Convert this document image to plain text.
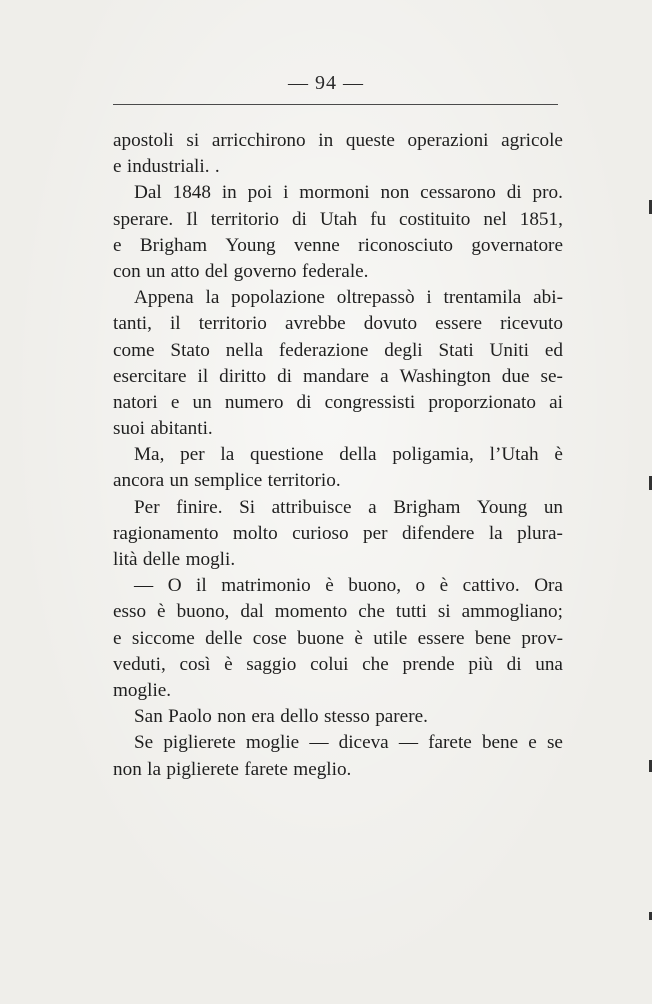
— 94 —
apostoli si arricchirono in queste operazioni agricole
e industriali. .
Dal 1848 in poi i mormoni non cessarono di pro.
sperare. Il territorio di Utah fu costituito nel 1851,
e Brigham Young venne riconosciuto governatore
con un atto del governo federale.
Appena la popolazione oltrepassò i trentamila abi-
tanti, il territorio avrebbe dovuto essere ricevuto
come Stato nella federazione degli Stati Uniti ed
esercitare il diritto di mandare a Washington due se-
natori e un numero di congressisti proporzionato ai
suoi abitanti.
Ma, per la questione della poligamia, l’Utah è
ancora un semplice territorio.
Per finire. Si attribuisce a Brigham Young un
ragionamento molto curioso per difendere la plura-
lità delle mogli.
— O il matrimonio è buono, o è cattivo. Ora
esso è buono, dal momento che tutti si ammogliano;
e siccome delle cose buone è utile essere bene prov-
veduti, così è saggio colui che prende più di una
moglie.
San Paolo non era dello stesso parere.
Se piglierete moglie — diceva — farete bene e se
non la piglierete farete meglio.
